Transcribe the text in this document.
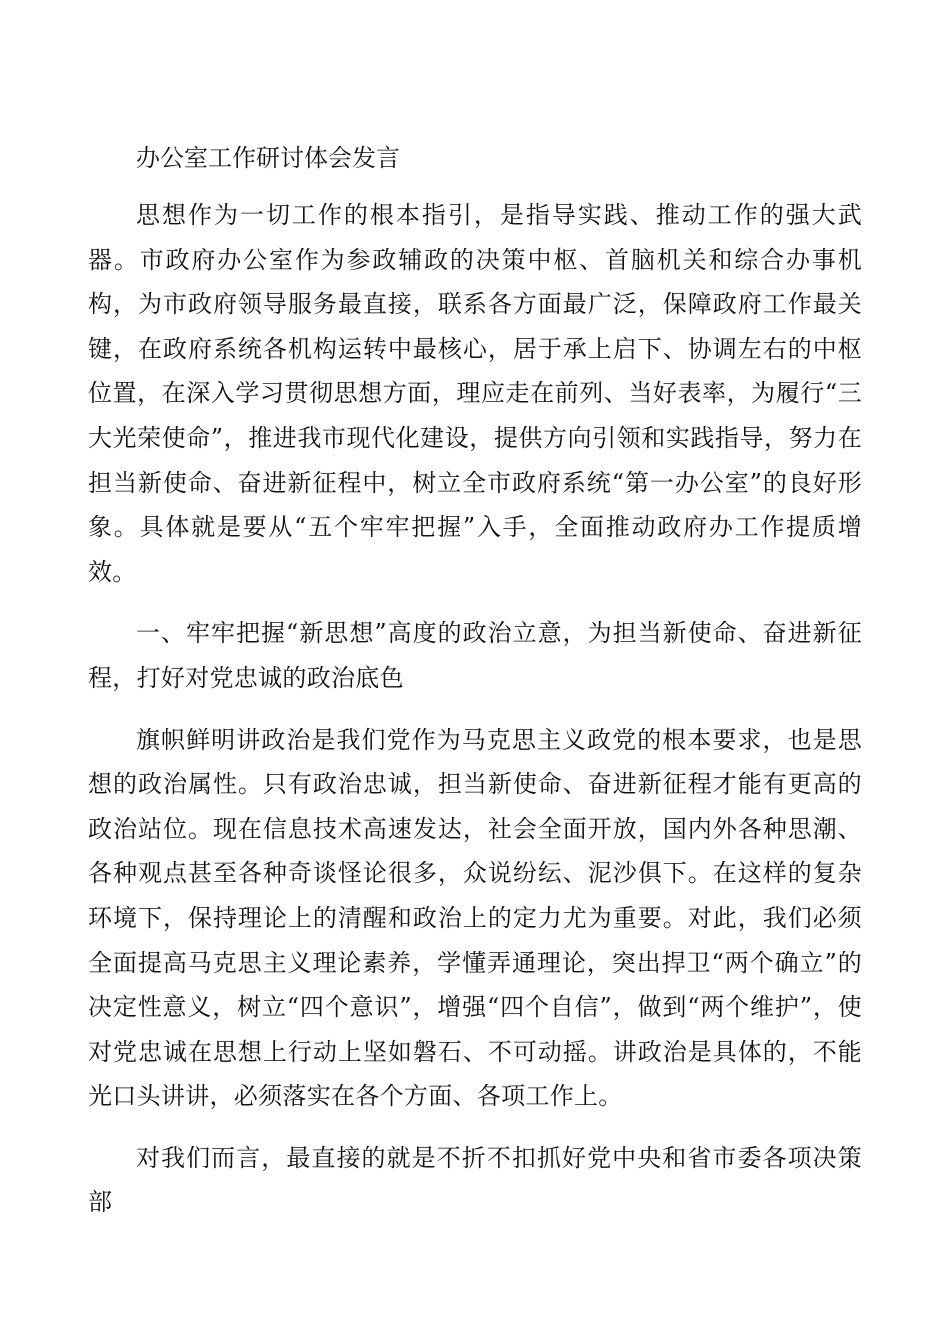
办公室工作研讨体会发言

思想作为一切工作的根本指引，是指导实践、推动工作的强大武器。市政府办公室作为参政辅政的决策中枢、首脑机关和综合办事机构，为市政府领导服务最直接，联系各方面最广泛，保障政府工作最关键，在政府系统各机构运转中最核心，居于承上启下、协调左右的中枢位置，在深入学习贯彻思想方面，理应走在前列、当好表率，为履行“三大光荣使命”，推进我市现代化建设，提供方向引领和实践指导，努力在担当新使命、奋进新征程中，树立全市政府系统“第一办公室”的良好形象。具体就是要从“五个牢牢把握”入手，全面推动政府办工作提质增效。

一、牢牢把握“新思想”高度的政治立意，为担当新使命、奋进新征程，打好对党忠诚的政治底色

旗帜鲜明讲政治是我们党作为马克思主义政党的根本要求，也是思想的政治属性。只有政治忠诚，担当新使命、奋进新征程才能有更高的政治站位。现在信息技术高速发达，社会全面开放，国内外各种思潮、各种观点甚至各种奇谈怪论很多，众说纷纭、泥沙俱下。在这样的复杂环境下，保持理论上的清醒和政治上的定力尤为重要。对此，我们必须全面提高马克思主义理论素养，学懂弄通理论，突出捍卫“两个确立”的决定性意义，树立“四个意识”，增强“四个自信”，做到“两个维护”，使对党忠诚在思想上行动上坚如磐石、不可动摇。讲政治是具体的，不能光口头讲讲，必须落实在各个方面、各项工作上。

对我们而言，最直接的就是不折不扣抓好党中央和省市委各项决策部
